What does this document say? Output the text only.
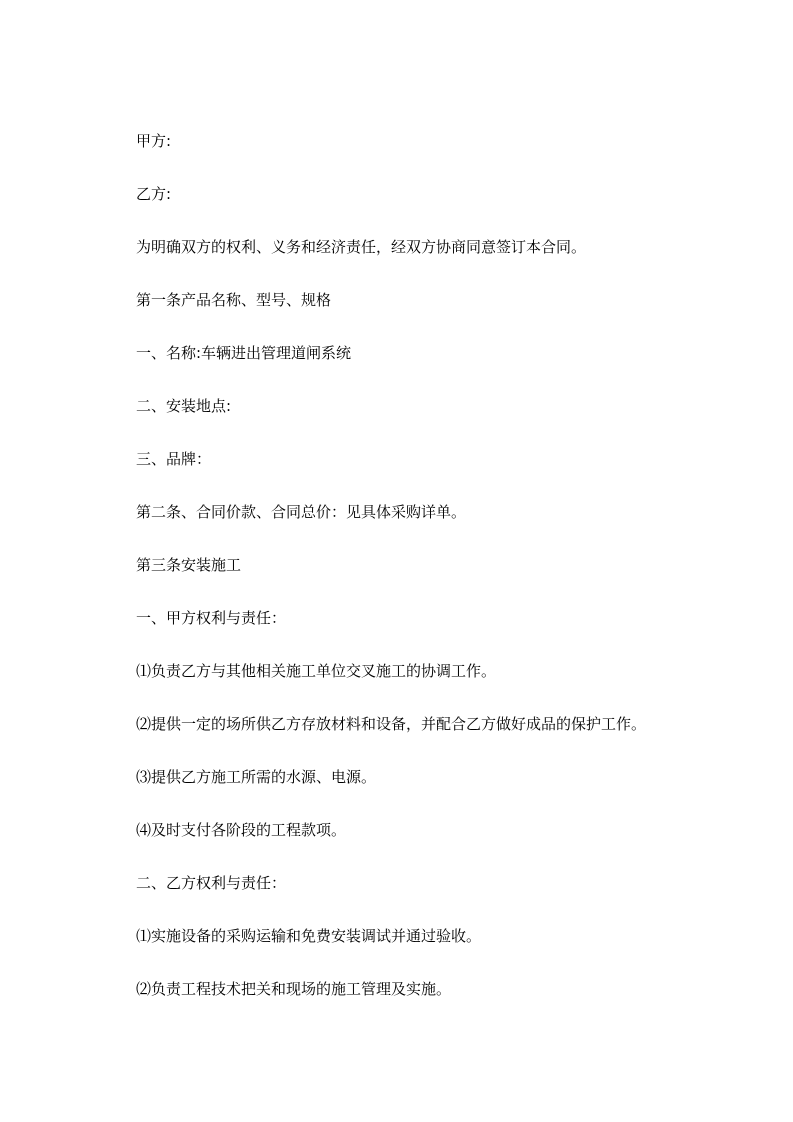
甲方:

乙方:

为明确双方的权利、义务和经济责任，经双方协商同意签订本合同。

第一条产品名称、型号、规格

一、名称:车辆进出管理道闸系统

二、安装地点:

三、品牌：

第二条、合同价款、合同总价：见具体采购详单。

第三条安装施工

一、甲方权利与责任：

⑴负责乙方与其他相关施工单位交叉施工的协调工作。

⑵提供一定的场所供乙方存放材料和设备，并配合乙方做好成品的保护工作。

⑶提供乙方施工所需的水源、电源。

⑷及时支付各阶段的工程款项。

二、乙方权利与责任：

⑴实施设备的采购运输和免费安装调试并通过验收。

⑵负责工程技术把关和现场的施工管理及实施。
